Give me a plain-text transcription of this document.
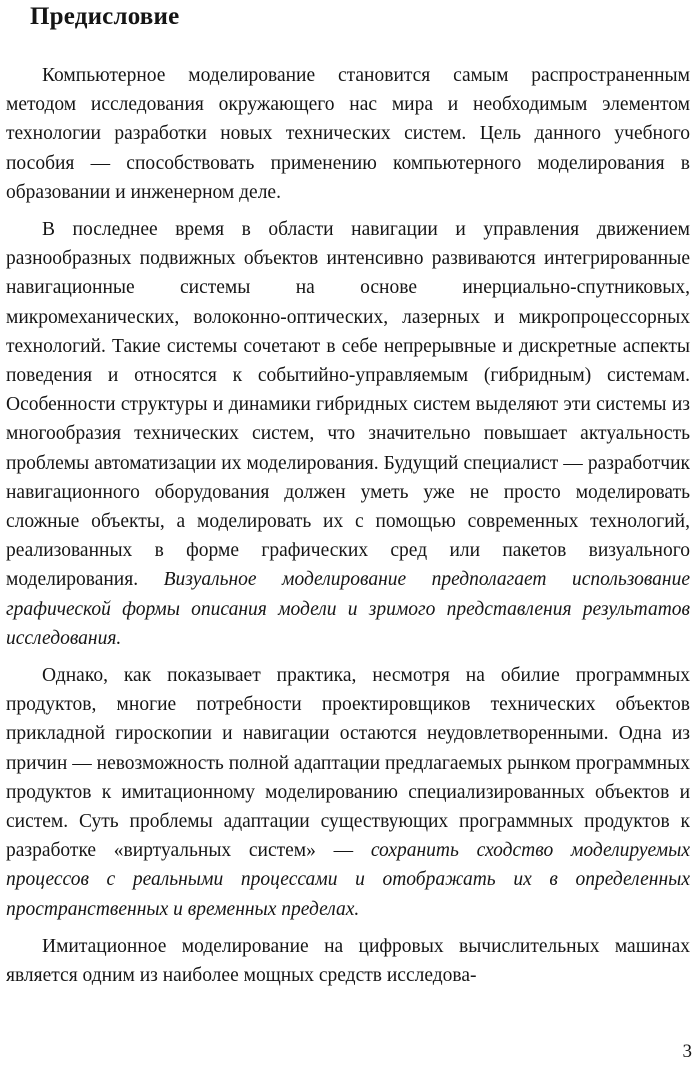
Предисловие

Компьютерное моделирование становится самым распространенным методом исследования окружающего нас мира и необходимым элементом технологии разработки новых технических систем. Цель данного учебного пособия — способствовать применению компьютерного моделирования в образовании и инженерном деле.

В последнее время в области навигации и управления движением разнообразных подвижных объектов интенсивно развиваются интегрированные навигационные системы на основе инерциально-спутниковых, микромеханических, волоконно-оптических, лазерных и микропроцессорных технологий. Такие системы сочетают в себе непрерывные и дискретные аспекты поведения и относятся к событийно-управляемым (гибридным) системам. Особенности структуры и динамики гибридных систем выделяют эти системы из многообразия технических систем, что значительно повышает актуальность проблемы автоматизации их моделирования. Будущий специалист — разработчик навигационного оборудования должен уметь уже не просто моделировать сложные объекты, а моделировать их с помощью современных технологий, реализованных в форме графических сред или пакетов визуального моделирования. Визуальное моделирование предполагает использование графической формы описания модели и зримого представления результатов исследования.

Однако, как показывает практика, несмотря на обилие программных продуктов, многие потребности проектировщиков технических объектов прикладной гироскопии и навигации остаются неудовлетворенными. Одна из причин — невозможность полной адаптации предлагаемых рынком программных продуктов к имитационному моделированию специализированных объектов и систем. Суть проблемы адаптации существующих программных продуктов к разработке «виртуальных систем» — сохранить сходство моделируемых процессов с реальными процессами и отображать их в определенных пространственных и временных пределах.

Имитационное моделирование на цифровых вычислительных машинах является одним из наиболее мощных средств исследова-

3
